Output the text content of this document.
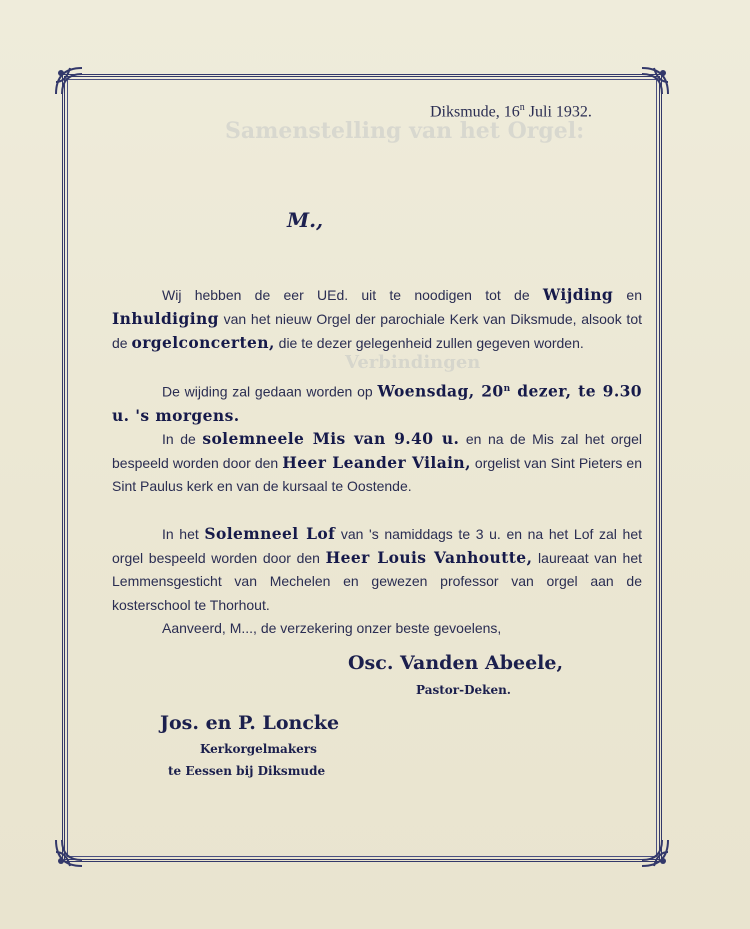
Samenstelling van het Orgel:
Verbindingen
Diksmude, 16$^n$ Juli 1932.
M.,

Wij hebben de eer UEd. uit te noodigen tot de Wijding en Inhuldiging van het nieuw Orgel der parochiale Kerk van Diksmude, alsook tot de orgelconcerten, die te dezer gelegenheid zullen gegeven worden.

De wijding zal gedaan worden op Woensdag, 20$^n$ dezer, te 9.30 u. 's morgens.

In de solemneele Mis van 9.40 u. en na de Mis zal het orgel bespeeld worden door den Heer Leander Vilain, orgelist van Sint Pieters en Sint Paulus kerk en van de kursaal te Oostende.

In het Solemneel Lof van 's namiddags te 3 u. en na het Lof zal het orgel bespeeld worden door den Heer Louis Vanhoutte, laureaat van het Lemmensgesticht van Mechelen en gewezen professor van orgel aan de kosterschool te Thorhout.

Aanveerd, M..., de verzekering onzer beste gevoelens,
Osc. Vanden Abeele,
Pastor-Deken.
Jos. en P. Loncke
Kerkorgelmakers
te Eessen bij Diksmude
